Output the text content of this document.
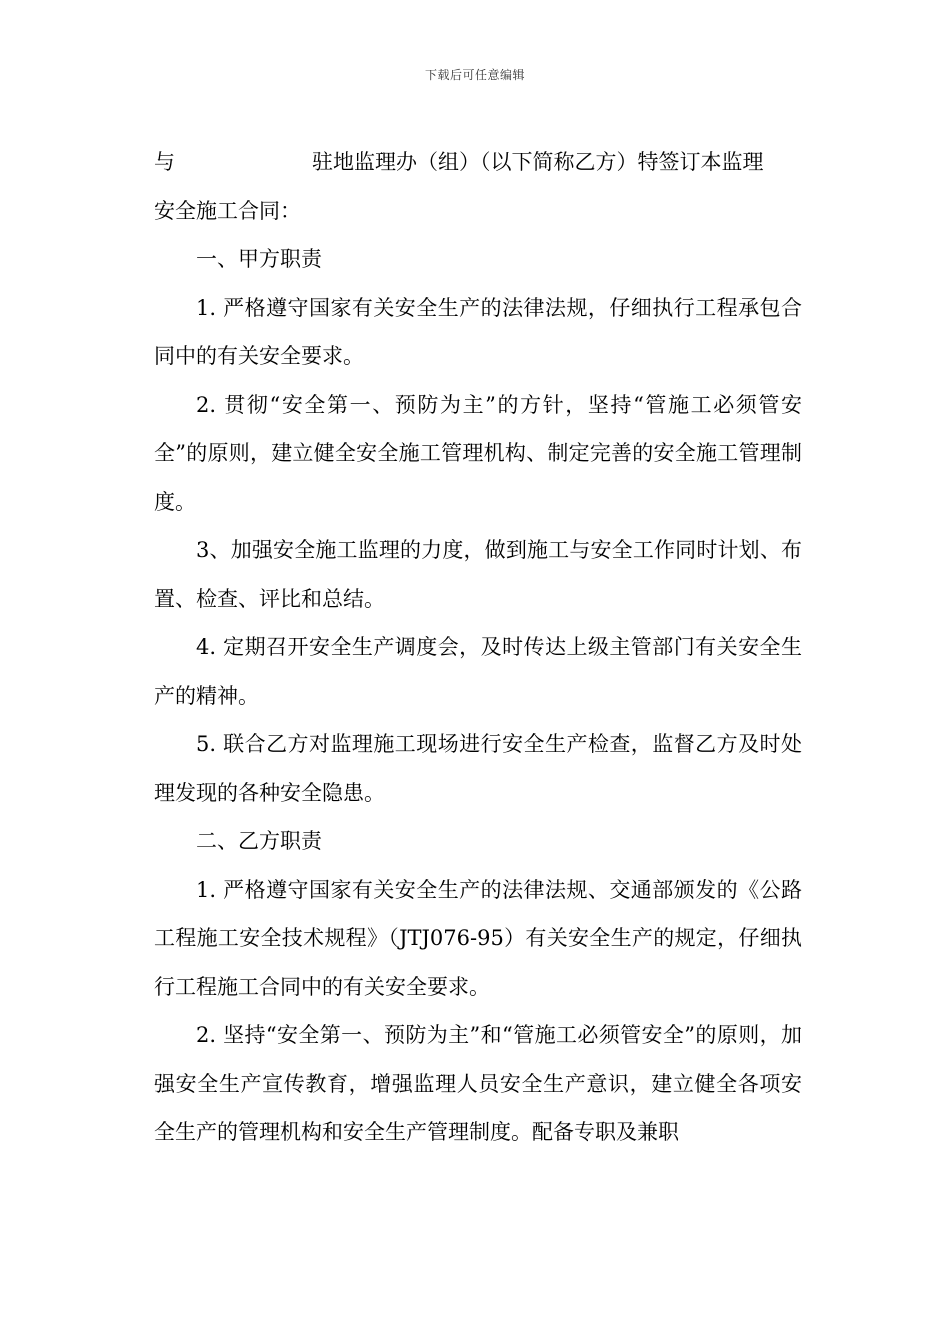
下载后可任意编辑
与	驻地监理办（组）（以下简称乙方）特签订本监理
安全施工合同：

一、甲方职责

1. 严格遵守国家有关安全生产的法律法规，仔细执行工程承包合同中的有关安全要求。

2. 贯彻“安全第一、预防为主”的方针，坚持“管施工必须管安全”的原则，建立健全安全施工管理机构、制定完善的安全施工管理制度。

3、加强安全施工监理的力度，做到施工与安全工作同时计划、布置、检查、评比和总结。

4. 定期召开安全生产调度会，及时传达上级主管部门有关安全生产的精神。

5. 联合乙方对监理施工现场进行安全生产检查，监督乙方及时处理发现的各种安全隐患。

二、乙方职责

1. 严格遵守国家有关安全生产的法律法规、交通部颁发的《公路工程施工安全技术规程》（JTJ076-95）有关安全生产的规定，仔细执行工程施工合同中的有关安全要求。

2. 坚持“安全第一、预防为主”和“管施工必须管安全”的原则，加强安全生产宣传教育，增强监理人员安全生产意识，建立健全各项安全生产的管理机构和安全生产管理制度。配备专职及兼职
